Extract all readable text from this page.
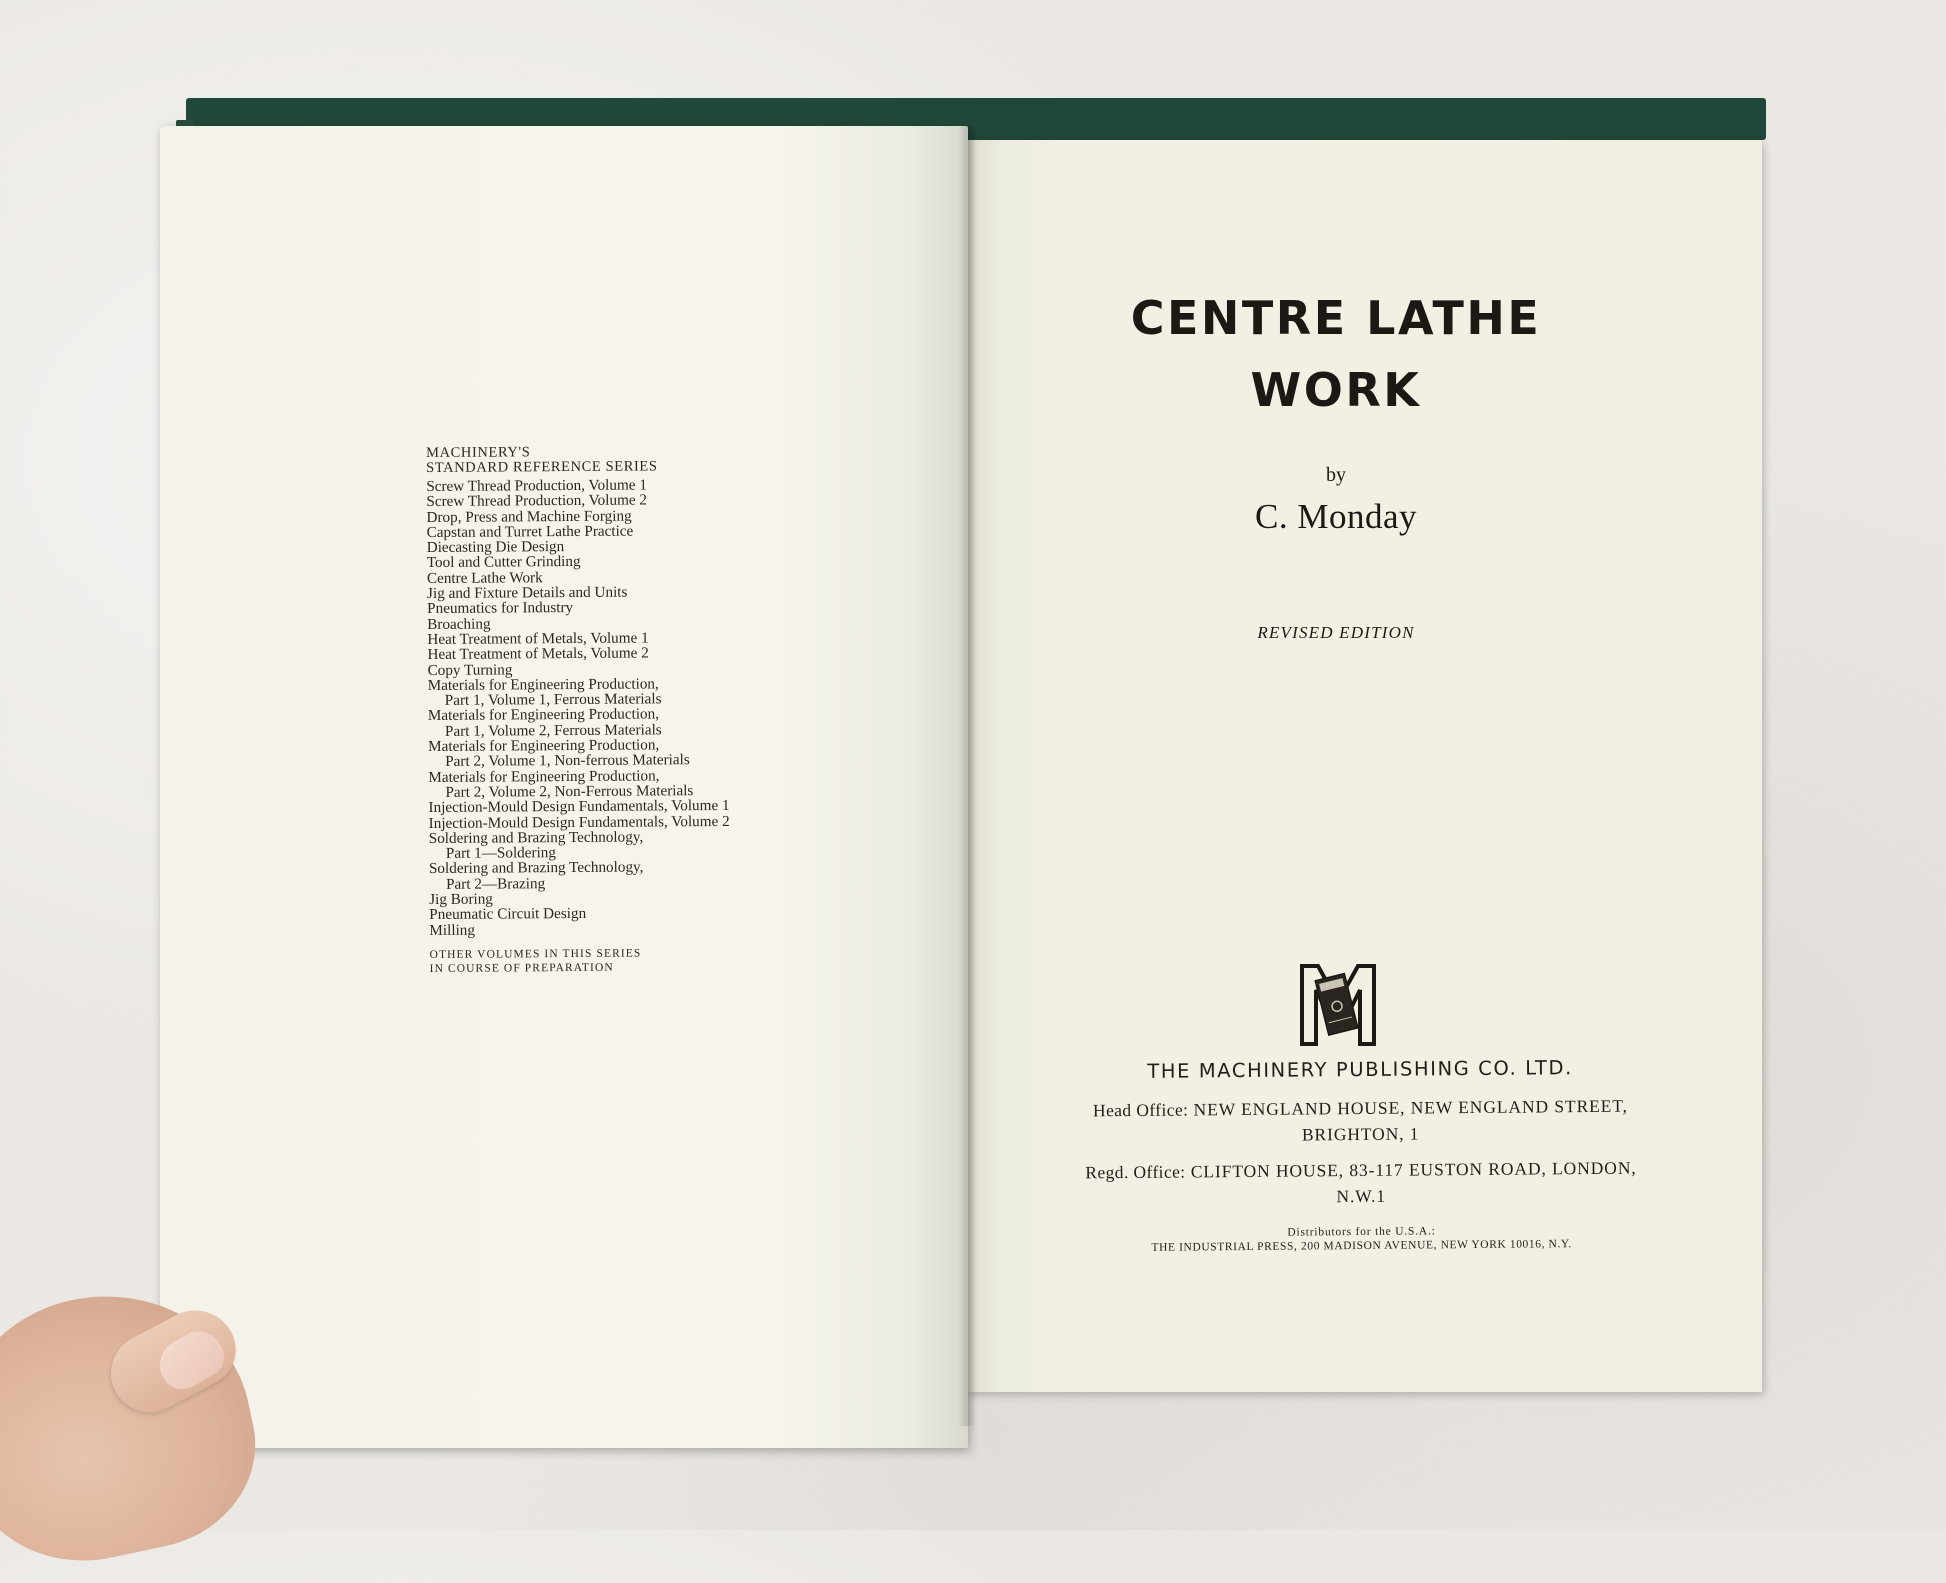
MACHINERY'S
STANDARD REFERENCE SERIES
Screw Thread Production, Volume 1
Screw Thread Production, Volume 2
Drop, Press and Machine Forging
Capstan and Turret Lathe Practice
Diecasting Die Design
Tool and Cutter Grinding
Centre Lathe Work
Jig and Fixture Details and Units
Pneumatics for Industry
Broaching
Heat Treatment of Metals, Volume 1
Heat Treatment of Metals, Volume 2
Copy Turning
Materials for Engineering Production,
Part 1, Volume 1, Ferrous Materials
Materials for Engineering Production,
Part 1, Volume 2, Ferrous Materials
Materials for Engineering Production,
Part 2, Volume 1, Non-ferrous Materials
Materials for Engineering Production,
Part 2, Volume 2, Non-Ferrous Materials
Injection-Mould Design Fundamentals, Volume 1
Injection-Mould Design Fundamentals, Volume 2
Soldering and Brazing Technology,
Part 1—Soldering
Soldering and Brazing Technology,
Part 2—Brazing
Jig Boring
Pneumatic Circuit Design
Milling
OTHER VOLUMES IN THIS SERIES
IN COURSE OF PREPARATION
CENTRE LATHE
WORK
by
C. Monday
REVISED EDITION
THE MACHINERY PUBLISHING CO. LTD.
Head Office: NEW ENGLAND HOUSE, NEW ENGLAND STREET,
BRIGHTON, 1
Regd. Office: CLIFTON HOUSE, 83-117 EUSTON ROAD, LONDON,
N.W.1
Distributors for the U.S.A.:
THE INDUSTRIAL PRESS, 200 MADISON AVENUE, NEW YORK 10016, N.Y.
